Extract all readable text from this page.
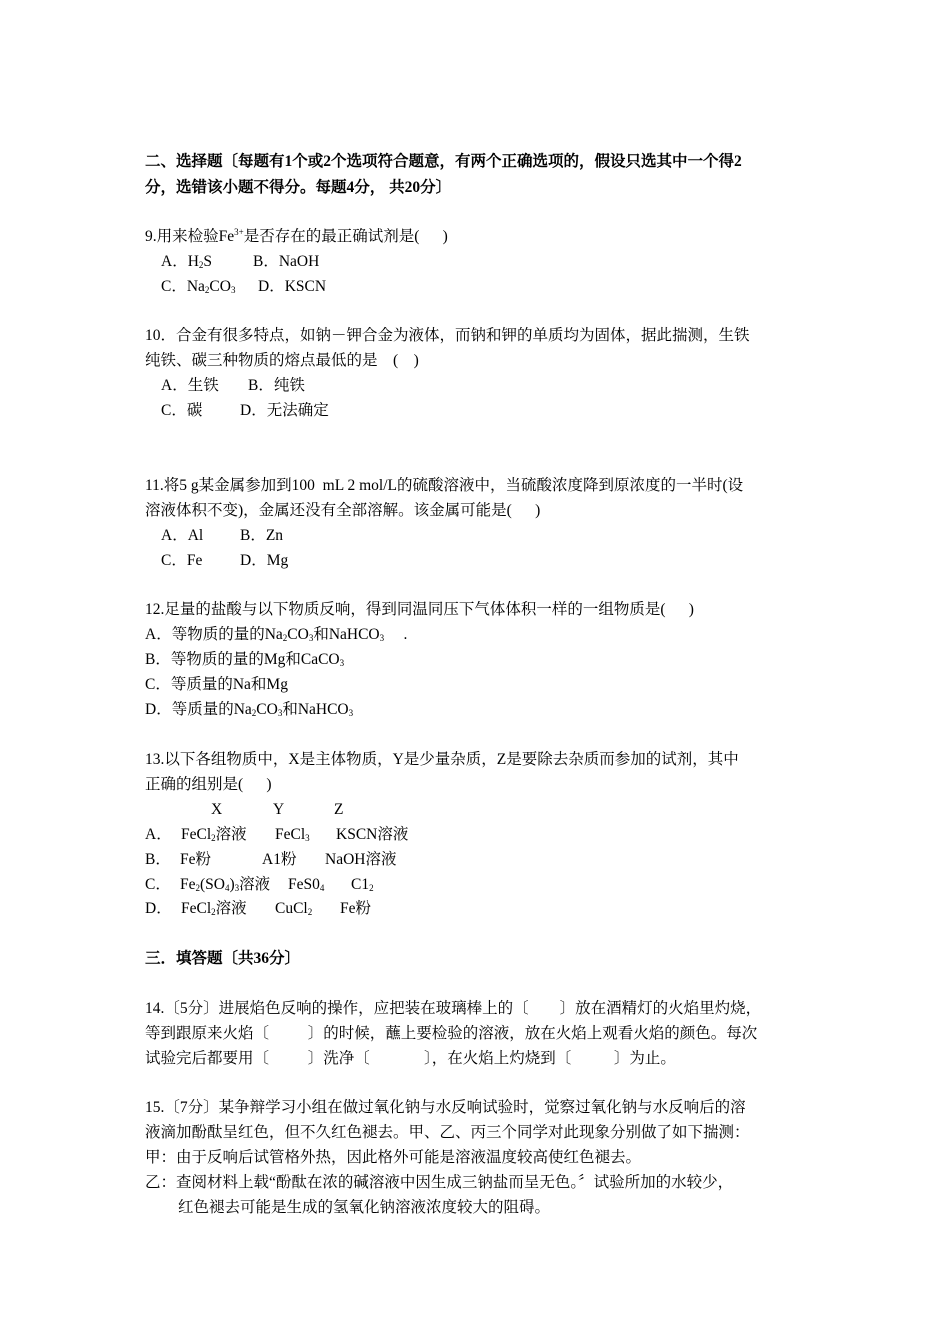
二、选择题〔每题有1个或2个选项符合题意，有两个正确选项的，假设只选其中一个得2
分，选错该小题不得分。每题4分， 共20分〕
9.用来检验$Fe^{3+}$是否存在的最正确试剂是(      )
A．$H_2S$	B．NaOH
C．$Na_2CO_3$ D．KSCN
10．合金有很多特点，如钠－钾合金为液体，而钠和钾的单质均为固体，据此揣测，生铁
纯铁、碳三种物质的熔点最低的是    (    )
A．生铁 B．纯铁
C．碳 D．无法确定
11.将5 g某金属参加到100  mL 2 mol/L的硫酸溶液中，当硫酸浓度降到原浓度的一半时(设
溶液体积不变)，金属还没有全部溶解。该金属可能是(      )
A．Al B．Zn
C．Fe D．Mg
12.足量的盐酸与以下物质反响，得到同温同压下气体体积一样的一组物质是(      )
A．等物质的量的$Na_2CO_3$和NaHCO$_3$     .
B．等物质的量的Mg和CaCO$_3$
C．等质量的Na和Mg
D．等质量的$Na_2CO_3$和NaHCO$_3$
13.以下各组物质中，X是主体物质，Y是少量杂质，Z是要除去杂质而参加的试剂，其中
正确的组别是(      )
X	Y	Z
A． FeCl$_2$溶液 FeCl$_3$ KSCN溶液
B． Fe粉	A1粉 NaOH溶液
C． $Fe_2(SO_4)_3$溶液 $FeS0_4$ $C1_2$
D． FeCl$_2$溶液 CuCl$_2$ Fe粉
三．填答题〔共36分〕
14.〔5分〕进展焰色反响的操作，应把装在玻璃棒上的〔        〕放在酒精灯的火焰里灼烧，
等到跟原来火焰〔          〕的时候，蘸上要检验的溶液，放在火焰上观看火焰的颜色。每次
试验完后都要用〔          〕洗净〔              〕，在火焰上灼烧到〔           〕为止。
15.〔7分〕某争辩学习小组在做过氧化钠与水反响试验时，觉察过氧化钠与水反响后的溶
液滴加酚酞呈红色，但不久红色褪去。甲、乙、丙三个同学对此现象分别做了如下揣测：
甲：由于反响后试管格外热，因此格外可能是溶液温度较高使红色褪去。
乙：查阅材料上载“酚酞在浓的碱溶液中因生成三钠盐而呈无色。〞试验所加的水较少，
红色褪去可能是生成的氢氧化钠溶液浓度较大的阻碍。
